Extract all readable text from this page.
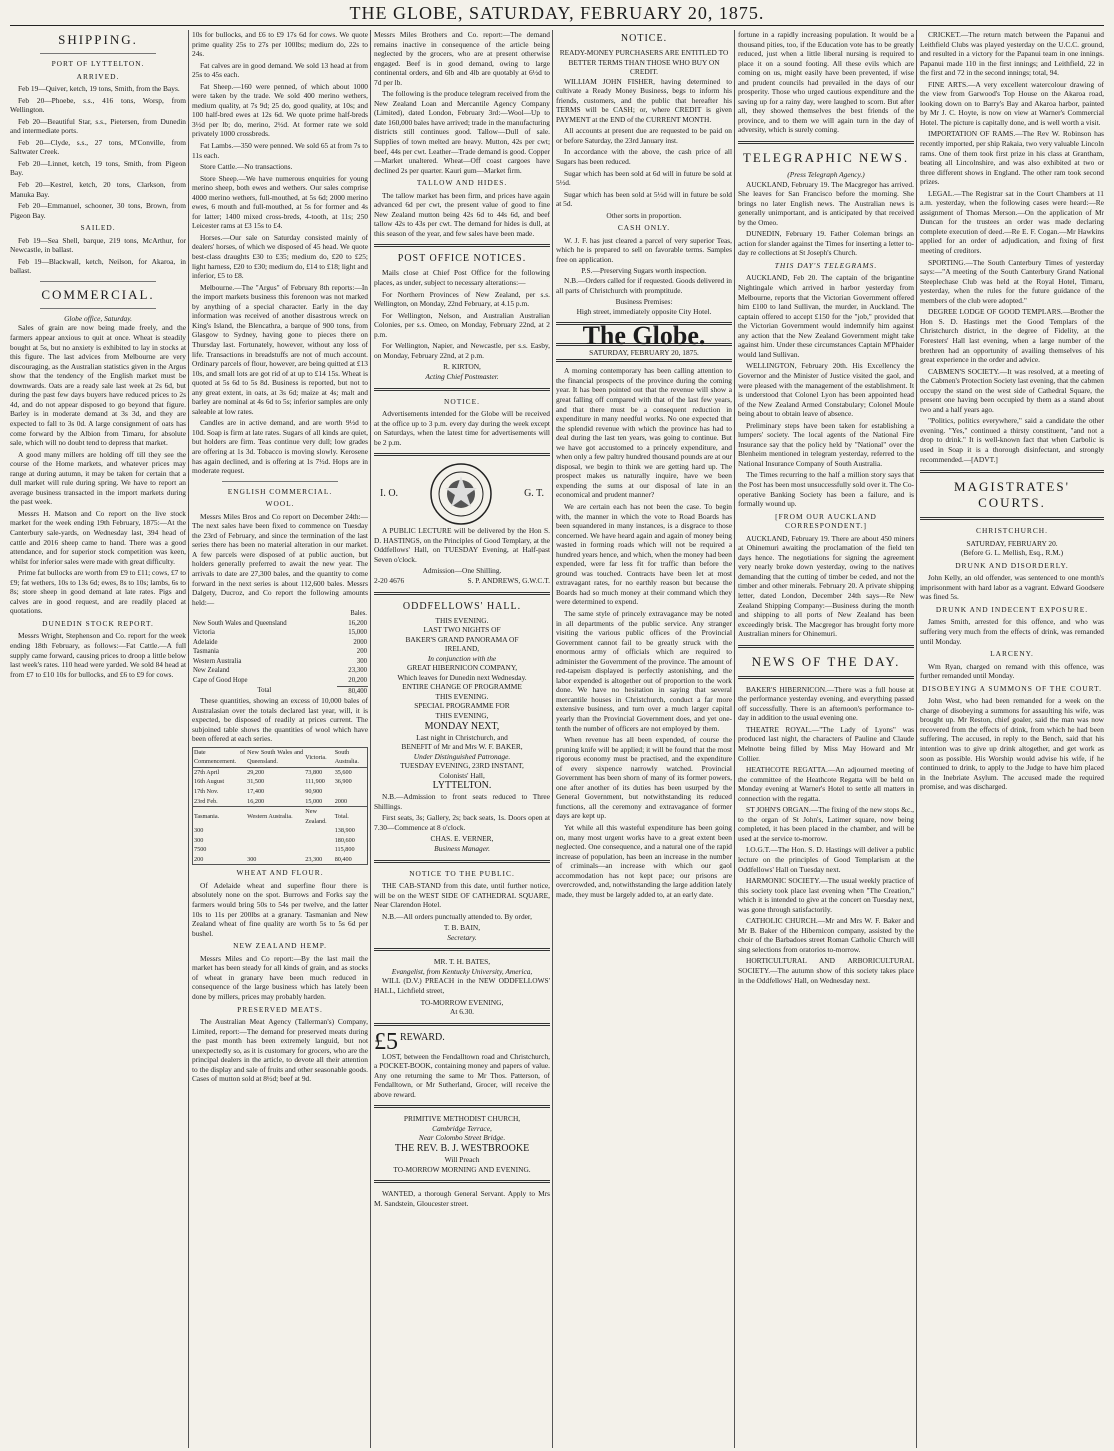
THE GLOBE, SATURDAY, FEBRUARY 20, 1875.
SHIPPING.
PORT OF LYTTELTON.
ARRIVED.

Feb 19—Quiver, ketch, 19 tons, Smith, from the Bays.

Feb 20—Phoebe, s.s., 416 tons, Worsp, from Wellington.

Feb 20—Beautiful Star, s.s., Pietersen, from Dunedin and intermediate ports.

Feb 20—Clyde, s.s., 27 tons, M'Conville, from Saltwater Creek.

Feb 20—Linnet, ketch, 19 tons, Smith, from Pigeon Bay.

Feb 20—Kestrel, ketch, 20 tons, Clarkson, from Manuka Bay.

Feb 20—Emmanuel, schooner, 30 tons, Brown, from Pigeon Bay.

SAILED.

Feb 19—Sea Shell, barque, 219 tons, McArthur, for Newcastle, in ballast.

Feb 19—Blackwall, ketch, Neilson, for Akaroa, in ballast.

COMMERCIAL.
Globe office, Saturday.

Sales of grain are now being made freely, and the farmers appear anxious to quit at once. Wheat is steadily bought at 5s, but no anxiety is exhibited to lay in stocks at this figure. The last advices from Melbourne are very discouraging, as the Australian statistics given in the Argus show that the tendency of the English market must be downwards. Oats are a ready sale last week at 2s 6d, but during the past few days buyers have reduced prices to 2s 4d, and do not appear disposed to go beyond that figure. Barley is in moderate demand at 3s 3d, and they are expected to fall to 3s 0d. A large consignment of oats has come forward by the Albion from Timaru, for absolute sale, which will no doubt tend to depress that market.

A good many millers are holding off till they see the course of the Home markets, and whatever prices may range at during autumn, it may be taken for certain that a dull market will rule during spring. We have to report an average business transacted in the import markets during the past week.

Messrs H. Matson and Co report on the live stock market for the week ending 19th February, 1875:—At the Canterbury sale-yards, on Wednesday last, 394 head of cattle and 2016 sheep came to hand. There was a good attendance, and for superior stock competition was keen, whilst for inferior sales were made with great difficulty.

Prime fat bullocks are worth from £9 to £11; cows, £7 to £9; fat wethers, 10s to 13s 6d; ewes, 8s to 10s; lambs, 6s to 8s; store sheep in good demand at late rates. Pigs and calves are in good request, and are readily placed at quotations.

DUNEDIN STOCK REPORT.

Messrs Wright, Stephenson and Co. report for the week ending 18th February, as follows:—Fat Cattle.—A full supply came forward, causing prices to droop a little below last week's rates. 110 head were yarded. We sold 84 head at from £7 to £10 10s for bullocks, and £6 to £9 for cows.

10s for bullocks, and £6 to £9 17s 6d for cows. We quote prime quality 25s to 27s per 100lbs; medium do, 22s to 24s.

Fat calves are in good demand. We sold 13 head at from 25s to 45s each.

Fat Sheep.—160 were penned, of which about 1000 were taken by the trade. We sold 400 merino wethers, medium quality, at 7s 9d; 25 do, good quality, at 10s; and 100 half-bred ewes at 12s 6d. We quote prime half-breds 3½d per lb; do, merino, 2½d. At former rate we sold privately 1000 crossbreds.

Fat Lambs.—350 were penned. We sold 65 at from 7s to 11s each.

Store Cattle.—No transactions.

Store Sheep.—We have numerous enquiries for young merino sheep, both ewes and wethers. Our sales comprise 4000 merino wethers, full-mouthed, at 5s 6d; 2000 merino ewes, 6 mouth and full-mouthed, at 5s for former and 4s for latter; 1400 mixed cross-breds, 4-tooth, at 11s; 250 Leicester rams at £3 15s to £4.

Horses.—Our sale on Saturday consisted mainly of dealers' horses, of which we disposed of 45 head. We quote best-class draughts £30 to £35; medium do, £20 to £25; light harness, £20 to £30; medium do, £14 to £18; light and inferior, £5 to £8.

Melbourne.—The "Argus" of February 8th reports:—In the import markets business this forenoon was not marked by anything of a special character. Early in the day information was received of another disastrous wreck on King's Island, the Blencathra, a barque of 900 tons, from Glasgow to Sydney, having gone to pieces there on Thursday last. Fortunately, however, without any loss of life. Transactions in breadstuffs are not of much account. Ordinary parcels of flour, however, are being quitted at £13 10s, and small lots are got rid of at up to £14 15s. Wheat is quoted at 5s 6d to 5s 8d. Business is reported, but not to any great extent, in oats, at 3s 6d; maize at 4s; malt and barley are nominal at 4s 6d to 5s; inferior samples are only saleable at low rates.

Candles are in active demand, and are worth 9½d to 10d. Soap is firm at late rates. Sugars of all kinds are quiet, but holders are firm. Teas continue very dull; low grades are offering at 1s 3d. Tobacco is moving slowly. Kerosene has again declined, and is offering at 1s 7½d. Hops are in moderate request.

ENGLISH COMMERCIAL.
WOOL.

Messrs Miles Bros and Co report on December 24th:—The next sales have been fixed to commence on Tuesday the 23rd of February, and since the termination of the last series there has been no material alteration in our market. A few parcels were disposed of at public auction, but holders generally preferred to await the new year. The arrivals to date are 27,300 bales, and the quantity to come forward in the next series is about 112,600 bales. Messrs Dalgety, Ducroz, and Co report the following amounts held:—

	Bales.
New South Wales and Queensland	16,200
Victoria	15,000
Adelaide	2000
Tasmania	200
Western Australia	300
New Zealand	23,300
Cape of Good Hope	20,200
Total	80,400

These quantities, showing an excess of 10,000 bales of Australasian over the totals declared last year, will, it is expected, be disposed of readily at prices current. The subjoined table shows the quantities of wool which have been offered at each series.

Date of Commencement.	New South Wales and Queensland.	Victoria.	South Australia.
27th April	29,200	73,800	35,600
16th August	31,500	111,900	36,900
17th Nov.	17,400	90,900	
23rd Feb.	16,200	15,000	2000
Tasmania.	Western Australia.	New Zealand.	Total.
300			138,900
300			180,600
7500			115,800
200	300	23,300	80,400
WHEAT AND FLOUR.

Of Adelaide wheat and superfine flour there is absolutely none on the spot. Burrows and Forks say the farmers would bring 50s to 54s per twelve, and the latter 10s to 11s per 200lbs at a granary. Tasmanian and New Zealand wheat of fine quality are worth 5s to 5s 6d per bushel.

NEW ZEALAND HEMP.

Messrs Miles and Co report:—By the last mail the market has been steady for all kinds of grain, and as stocks of wheat in granary have been much reduced in consequence of the large business which has lately been done by millers, prices may probably harden.

PRESERVED MEATS.

The Australian Meat Agency (Tallerman's) Company, Limited, report:—The demand for preserved meats during the past month has been extremely languid, but not unexpectedly so, as it is customary for grocers, who are the principal dealers in the article, to devote all their attention to the display and sale of fruits and other seasonable goods. Cases of mutton sold at 8½d; beef at 9d.

Messrs Miles Brothers and Co. report:—The demand remains inactive in consequence of the article being neglected by the grocers, who are at present otherwise engaged. Beef is in good demand, owing to large continental orders, and 6lb and 4lb are quotably at 6½d to 7d per lb.

The following is the produce telegram received from the New Zealand Loan and Mercantile Agency Company (Limited), dated London, February 3rd:—Wool—Up to date 160,000 bales have arrived; trade in the manufacturing districts still continues good. Tallow—Dull of sale. Supplies of town melted are heavy. Mutton, 42s per cwt; beef, 44s per cwt. Leather—Trade demand is good. Copper—Market unaltered. Wheat—Off coast cargoes have declined 2s per quarter. Kauri gum—Market firm.

TALLOW AND HIDES.

The tallow market has been firm, and prices have again advanced 6d per cwt, the present value of good to fine New Zealand mutton being 42s 6d to 44s 6d, and beef tallow 42s to 43s per cwt. The demand for hides is dull, at this season of the year, and few sales have been made.

POST OFFICE NOTICES.

Mails close at Chief Post Office for the following places, as under, subject to necessary alterations:—

For Northern Provinces of New Zealand, per s.s. Wellington, on Monday, 22nd February, at 4.15 p.m.

For Wellington, Nelson, and Australian Australian Colonies, per s.s. Omeo, on Monday, February 22nd, at 2 p.m.

For Wellington, Napier, and Newcastle, per s.s. Easby, on Monday, February 22nd, at 2 p.m.

R. KIRTON,
Acting Chief Postmaster.
NOTICE.

Advertisements intended for the Globe will be received at the office up to 3 p.m. every day during the week except on Saturdays, when the latest time for advertisements will be 2 p.m.

I. O.	G. T.

A PUBLIC LECTURE will be delivered by the Hon S. D. HASTINGS, on the Principles of Good Templary, at the Oddfellows' Hall, on TUESDAY Evening, at Half-past Seven o'clock.

Admission—One Shilling.
2-20 4676	S. P. ANDREWS, G.W.C.T.
ODDFELLOWS' HALL.
THIS EVENING.
LAST TWO NIGHTS OF
BAKER'S GRAND PANORAMA OF
IRELAND,
In conjunction with the
GREAT HIBERNICON COMPANY,
Which leaves for Dunedin next Wednesday.
ENTIRE CHANGE OF PROGRAMME
THIS EVENING.
SPECIAL PROGRAMME FOR
THIS EVENING,
MONDAY NEXT,
Last night in Christchurch, and
BENEFIT of Mr and Mrs W. F. BAKER,
Under Distinguished Patronage.
TUESDAY EVENING, 23RD INSTANT,
Colonists' Hall,
LYTTELTON.

N.B.—Admission to front seats reduced to Three Shillings.

First seats, 3s; Gallery, 2s; back seats, 1s. Doors open at 7.30—Commence at 8 o'clock.

CHAS. E. VERNER,
Business Manager.
NOTICE TO THE PUBLIC.

THE CAB-STAND from this date, until further notice, will be on the WEST SIDE OF CATHEDRAL SQUARE, Near Clarendon Hotel.

N.B.—All orders punctually attended to. By order,

T. B. BAIN,
Secretary.
MR. T. H. BATES,
Evangelist, from Kentucky University, America,

WILL (D.V.) PREACH in the NEW ODDFELLOWS' HALL, Lichfield street,

TO-MORROW EVENING,
At 6.30.
£5 REWARD.

LOST, between the Fendalltown road and Christchurch, a POCKET-BOOK, containing money and papers of value. Any one returning the same to Mr Thos. Patterson, of Fendalltown, or Mr Sutherland, Grocer, will receive the above reward.

PRIMITIVE METHODIST CHURCH,
Cambridge Terrace,
Near Colombo Street Bridge.
THE REV. B. J. WESTBROOKE
Will Preach
TO-MORROW MORNING AND EVENING.

WANTED, a thorough General Servant. Apply to Mrs M. Sandstein, Gloucester street.

NOTICE.
READY-MONEY PURCHASERS ARE ENTITLED TO BETTER TERMS THAN THOSE WHO BUY ON CREDIT.

WILLIAM JOHN FISHER, having determined to cultivate a Ready Money Business, begs to inform his friends, customers, and the public that hereafter his TERMS will be CASH; or, where CREDIT is given PAYMENT at the END of the CURRENT MONTH.

All accounts at present due are requested to be paid on or before Saturday, the 23rd January inst.

In accordance with the above, the cash price of all Sugars has been reduced.

Sugar which has been sold at 6d will in future be sold at 5½d.

Sugar which has been sold at 5½d will in future be sold at 5d.

Other sorts in proportion.
CASH ONLY.

W. J. F. has just cleared a parcel of very superior Teas, which he is prepared to sell on favorable terms. Samples free on application.

P.S.—Preserving Sugars worth inspection.

N.B.—Orders called for if requested. Goods delivered in all parts of Christchurch with promptitude.

Business Premises:
High street, immediately opposite City Hotel.
The Globe.
SATURDAY, FEBRUARY 20, 1875.

A morning contemporary has been calling attention to the financial prospects of the province during the coming year. It has been pointed out that the revenue will show a great falling off compared with that of the last few years, and that there must be a consequent reduction in expenditure in many needful works. No one expected that the splendid revenue with which the province has had to deal during the last ten years, was going to continue. But we have got accustomed to a princely expenditure, and when only a few paltry hundred thousand pounds are at our disposal, we begin to think we are getting hard up. The prospect makes us naturally inquire, have we been expending the sums at our disposal of late in an economical and prudent manner?

We are certain each has not been the case. To begin with, the manner in which the vote to Road Boards has been squandered in many instances, is a disgrace to those concerned. We have heard again and again of money being wasted in forming roads which will not be required a hundred years hence, and which, when the money had been expended, were far less fit for traffic than before the ground was touched. Contracts have been let at most extravagant rates, for no earthly reason but because the Boards had so much money at their command which they were determined to expend.

The same style of princely extravagance may be noted in all departments of the public service. Any stranger visiting the various public offices of the Provincial Government cannot fail to be greatly struck with the enormous army of officials which are required to administer the Government of the province. The amount of red-tapeism displayed is perfectly astonishing, and the labor expended is altogether out of proportion to the work done. We have no hesitation in saying that several mercantile houses in Christchurch, conduct a far more extensive business, and turn over a much larger capital yearly than the Provincial Government does, and yet one-tenth the number of officers are not employed by them.

When revenue has all been expended, of course the pruning knife will be applied; it will be found that the most rigorous economy must be practised, and the expenditure of every sixpence narrowly watched. Provincial Government has been shorn of many of its former powers, one after another of its duties has been usurped by the General Government, but notwithstanding its reduced functions, all the ceremony and extravagance of former days are kept up.

Yet while all this wasteful expenditure has been going on, many most urgent works have to a great extent been neglected. One consequence, and a natural one of the rapid increase of population, has been an increase in the number of criminals—an increase with which our gaol accommodation has not kept pace; our prisons are overcrowded, and, notwithstanding the large addition lately made, they must be largely added to, at an early date.

fortune in a rapidly increasing population. It would be a thousand pities, too, if the Education vote has to be greatly reduced, just when a little liberal nursing is required to place it on a sound footing. All these evils which are coming on us, might easily have been prevented, if wise and prudent councils had prevailed in the days of our prosperity. Those who urged cautious expenditure and the saving up for a rainy day, were laughed to scorn. But after all, they showed themselves the best friends of the province, and to them we will again turn in the day of adversity, which is surely coming.

TELEGRAPHIC NEWS.
(Press Telegraph Agency.)

AUCKLAND, February 19. The Macgregor has arrived. She leaves for San Francisco before the morning. She brings no later English news. The Australian news is generally unimportant, and is anticipated by that received by the Omeo.

DUNEDIN, February 19. Father Coleman brings an action for slander against the Times for inserting a letter to-day re collections at St Joseph's Church.

THIS DAY'S TELEGRAMS.

AUCKLAND, Feb 20. The captain of the brigantine Nightingale which arrived in harbor yesterday from Melbourne, reports that the Victorian Government offered him £100 to land Sullivan, the murder, in Auckland. The captain offered to accept £150 for the "job," provided that the Victorian Government would indemnify him against any action that the New Zealand Government might take against him. Under these circumstances Captain M'Phaider would land Sullivan.

WELLINGTON, February 20th. His Excellency the Governor and the Minister of Justice visited the gaol, and were pleased with the management of the establishment. It is understood that Colonel Lyon has been appointed head of the New Zealand Armed Constabulary; Colonel Moule being about to obtain leave of absence.

Preliminary steps have been taken for establishing a lumpers' society. The local agents of the National Fire Insurance say that the policy held by "National" over the Blenheim mentioned in telegram yesterday, referred to the National Insurance Company of South Australia.

The Times recurring to the half a million story says that the Post has been most unsuccessfully sold over it. The Co-operative Banking Society has been a failure, and is formally wound up.

[FROM OUR AUCKLAND CORRESPONDENT.]

AUCKLAND, February 19. There are about 450 miners at Ohinemuri awaiting the proclamation of the field ten days hence. The negotiations for signing the agreement very nearly broke down yesterday, owing to the natives demanding that the cutting of timber be ceded, and not the timber and other minerals. February 20. A private shipping letter, dated London, December 24th says—Re New Zealand Shipping Company:—Business during the month and shipping to all ports of New Zealand has been exceedingly brisk. The Macgregor has brought forty more Australian miners for Ohinemuri.

NEWS OF THE DAY.

BAKER'S HIBERNICON.—There was a full house at the performance yesterday evening, and everything passed off successfully. There is an afternoon's performance to-day in addition to the usual evening one.

THEATRE ROYAL.—"The Lady of Lyons" was produced last night, the characters of Pauline and Claude Melnotte being filled by Miss May Howard and Mr Collier.

HEATHCOTE REGATTA.—An adjourned meeting of the committee of the Heathcote Regatta will be held on Monday evening at Warner's Hotel to settle all matters in connection with the regatta.

ST JOHN'S ORGAN.—The fixing of the new stops &c., to the organ of St John's, Latimer square, now being completed, it has been placed in the chamber, and will be used at the service to-morrow.

I.O.G.T.—The Hon. S. D. Hastings will deliver a public lecture on the principles of Good Templarism at the Oddfellows' Hall on Tuesday next.

HARMONIC SOCIETY.—The usual weekly practice of this society took place last evening when "The Creation," which it is intended to give at the concert on Tuesday next, was gone through satisfactorily.

CATHOLIC CHURCH.—Mr and Mrs W. F. Baker and Mr B. Baker of the Hibernicon company, assisted by the choir of the Barbadoes street Roman Catholic Church will sing selections from oratorios to-morrow.

HORTICULTURAL AND ARBORICULTURAL SOCIETY.—The autumn show of this society takes place in the Oddfellows' Hall, on Wednesday next.

CRICKET.—The return match between the Papanui and Leithfield Clubs was played yesterday on the U.C.C. ground, and resulted in a victory for the Papanui team in one innings. Papanui made 110 in the first innings; and Leithfield, 22 in the first and 72 in the second innings; total, 94.

FINE ARTS.—A very excellent watercolour drawing of the view from Garwood's Top House on the Akaroa road, looking down on to Barry's Bay and Akaroa harbor, painted by Mr J. C. Hoyte, is now on view at Warner's Commercial Hotel. The picture is capitally done, and is well worth a visit.

IMPORTATION OF RAMS.—The Rev W. Robinson has recently imported, per ship Rakaia, two very valuable Lincoln rams. One of them took first prize in his class at Grantham, beating all Lincolnshire, and was also exhibited at two or three different shows in England. The other ram took second prizes.

LEGAL.—The Registrar sat in the Court Chambers at 11 a.m. yesterday, when the following cases were heard:—Re assignment of Thomas Merson.—On the application of Mr Duncan for the trustees an order was made declaring complete execution of deed.—Re E. F. Cogan.—Mr Hawkins applied for an order of adjudication, and fixing of first meeting of creditors.

SPORTING.—The South Canterbury Times of yesterday says:—"A meeting of the South Canterbury Grand National Steeplechase Club was held at the Royal Hotel, Timaru, yesterday, when the rules for the future guidance of the members of the club were adopted."

DEGREE LODGE OF GOOD TEMPLARS.—Brother the Hon S. D. Hastings met the Good Templars of the Christchurch district, in the degree of Fidelity, at the Foresters' Hall last evening, when a large number of the brethren had an opportunity of availing themselves of his great experience in the order and advice.

CABMEN'S SOCIETY.—It was resolved, at a meeting of the Cabmen's Protection Society last evening, that the cabmen occupy the stand on the west side of Cathedral Square, the present one having been occupied by them as a stand about two and a half years ago.

"Politics, politics everywhere," said a candidate the other evening. "Yes," continued a thirsty constituent, "and not a drop to drink." It is well-known fact that when Carbolic is used in Soap it is a thorough disinfectant, and strongly recommended.—[ADVT.]

MAGISTRATES' COURTS.
CHRISTCHURCH.
SATURDAY, FEBRUARY 20.
(Before G. L. Mellish, Esq., R.M.)
DRUNK AND DISORDERLY.

John Kelly, an old offender, was sentenced to one month's imprisonment with hard labor as a vagrant. Edward Goodsere was fined 5s.

DRUNK AND INDECENT EXPOSURE.

James Smith, arrested for this offence, and who was suffering very much from the effects of drink, was remanded until Monday.

LARCENY.

Wm Ryan, charged on remand with this offence, was further remanded until Monday.

DISOBEYING A SUMMONS OF THE COURT.

John West, who had been remanded for a week on the charge of disobeying a summons for assaulting his wife, was brought up. Mr Reston, chief goaler, said the man was now recovered from the effects of drink, from which he had been suffering. The accused, in reply to the Bench, said that his intention was to give up drink altogether, and get work as soon as possible. His Worship would advise his wife, if he continued to drink, to apply to the Judge to have him placed in the Inebriate Asylum. The accused made the required promise, and was discharged.
